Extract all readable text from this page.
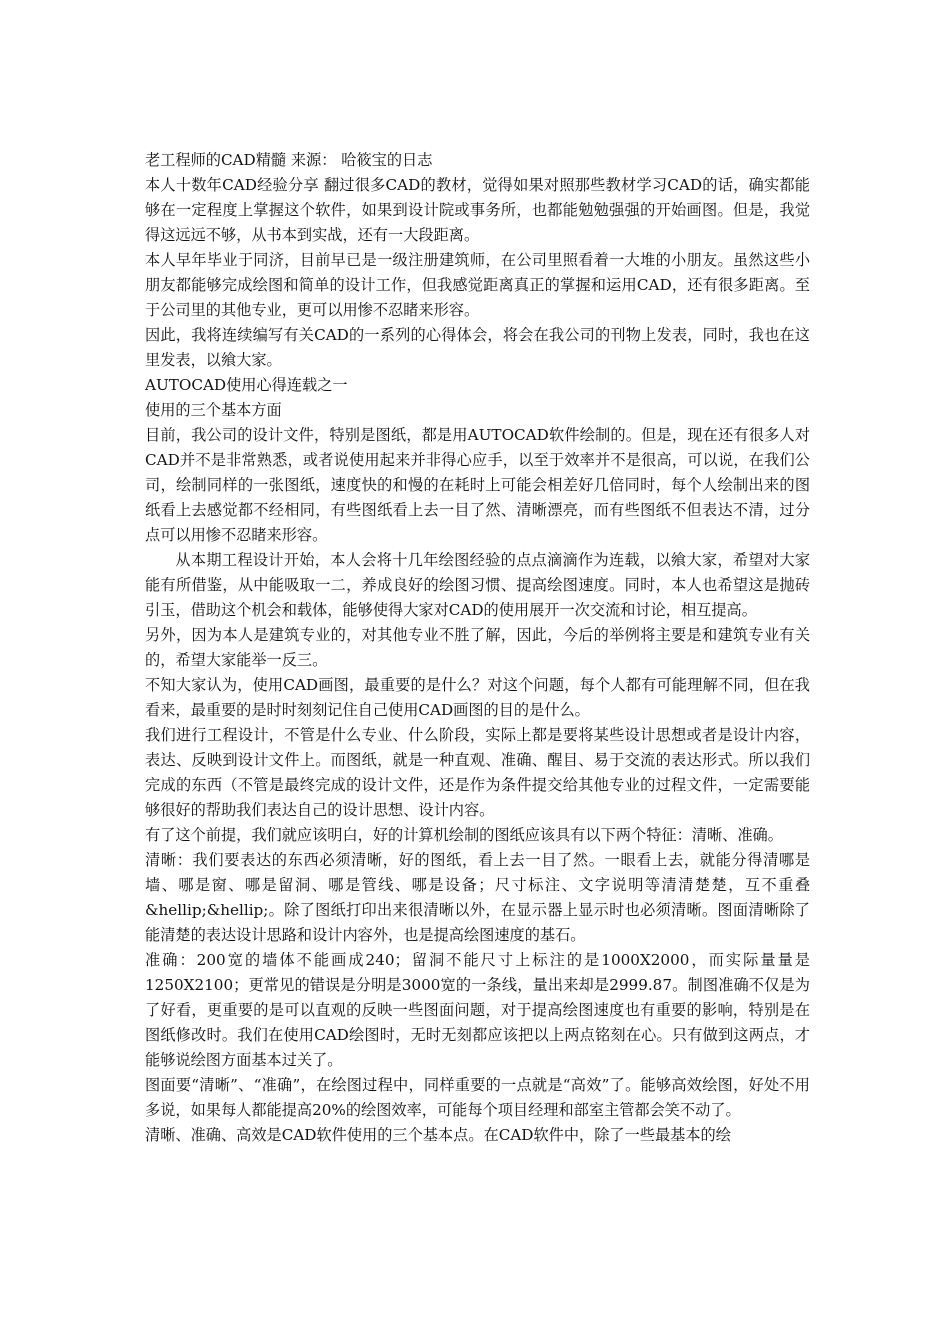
老工程师的CAD精髓 来源： 哈筱宝的日志

本人十数年CAD经验分享 翻过很多CAD的教材，觉得如果对照那些教材学习CAD的话，确实都能够在一定程度上掌握这个软件，如果到设计院或事务所，也都能勉勉强强的开始画图。但是，我觉得这远远不够，从书本到实战，还有一大段距离。

本人早年毕业于同济，目前早已是一级注册建筑师，在公司里照看着一大堆的小朋友。虽然这些小朋友都能够完成绘图和简单的设计工作，但我感觉距离真正的掌握和运用CAD，还有很多距离。至于公司里的其他专业，更可以用惨不忍睹来形容。

因此，我将连续编写有关CAD的一系列的心得体会，将会在我公司的刊物上发表，同时，我也在这里发表，以飨大家。

AUTOCAD使用心得连载之一

使用的三个基本方面

目前，我公司的设计文件，特别是图纸，都是用AUTOCAD软件绘制的。但是，现在还有很多人对CAD并不是非常熟悉，或者说使用起来并非得心应手，以至于效率并不是很高，可以说，在我们公司，绘制同样的一张图纸，速度快的和慢的在耗时上可能会相差好几倍同时，每个人绘制出来的图纸看上去感觉都不经相同，有些图纸看上去一目了然、清晰漂亮，而有些图纸不但表达不清，过分点可以用惨不忍睹来形容。

从本期工程设计开始，本人会将十几年绘图经验的点点滴滴作为连载，以飨大家，希望对大家能有所借鉴，从中能吸取一二，养成良好的绘图习惯、提高绘图速度。同时，本人也希望这是抛砖引玉，借助这个机会和载体，能够使得大家对CAD的使用展开一次交流和讨论，相互提高。

另外，因为本人是建筑专业的，对其他专业不胜了解，因此，今后的举例将主要是和建筑专业有关的，希望大家能举一反三。

不知大家认为，使用CAD画图，最重要的是什么？对这个问题，每个人都有可能理解不同，但在我看来，最重要的是时时刻刻记住自己使用CAD画图的目的是什么。

我们进行工程设计，不管是什么专业、什么阶段，实际上都是要将某些设计思想或者是设计内容，表达、反映到设计文件上。而图纸，就是一种直观、准确、醒目、易于交流的表达形式。所以我们完成的东西（不管是最终完成的设计文件，还是作为条件提交给其他专业的过程文件，一定需要能够很好的帮助我们表达自己的设计思想、设计内容。

有了这个前提，我们就应该明白，好的计算机绘制的图纸应该具有以下两个特征：清晰、准确。

清晰：我们要表达的东西必须清晰，好的图纸，看上去一目了然。一眼看上去，就能分得清哪是墙、哪是窗、哪是留洞、哪是管线、哪是设备；尺寸标注、文字说明等清清楚楚，互不重叠&hellip;&hellip;。除了图纸打印出来很清晰以外，在显示器上显示时也必须清晰。图面清晰除了能清楚的表达设计思路和设计内容外，也是提高绘图速度的基石。

准确：200宽的墙体不能画成240；留洞不能尺寸上标注的是1000X2000，而实际量量是1250X2100；更常见的错误是分明是3000宽的一条线，量出来却是2999.87。制图准确不仅是为了好看，更重要的是可以直观的反映一些图面问题，对于提高绘图速度也有重要的影响，特别是在图纸修改时。我们在使用CAD绘图时，无时无刻都应该把以上两点铭刻在心。只有做到这两点，才能够说绘图方面基本过关了。

图面要“清晰”、“准确”，在绘图过程中，同样重要的一点就是“高效”了。能够高效绘图，好处不用多说，如果每人都能提高20%的绘图效率，可能每个项目经理和部室主管都会笑不动了。

清晰、准确、高效是CAD软件使用的三个基本点。在CAD软件中，除了一些最基本的绘
